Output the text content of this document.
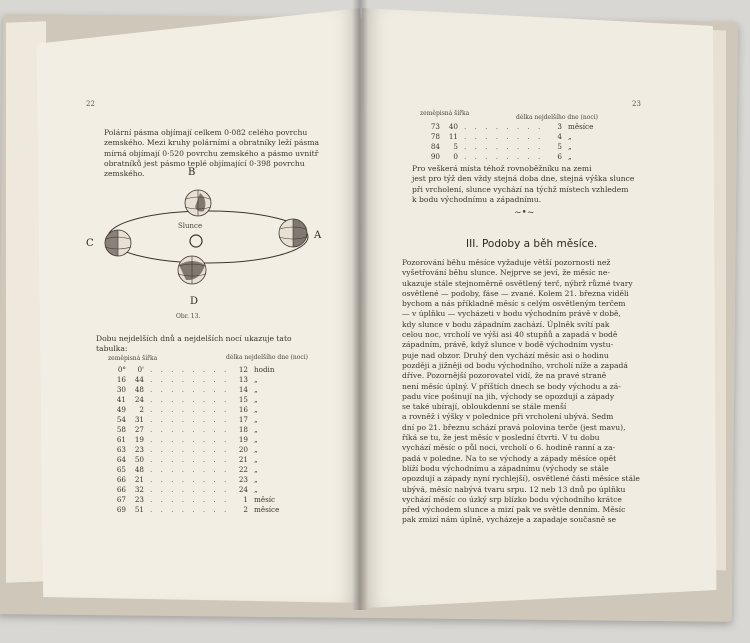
22
Polární pásma objímají celkem 0·082 celého povrchu
zemského. Mezi kruhy polárními a obratníky leží pásma
mírná objímají 0·520 povrchu zemského a pásmo uvnitř
obratníků jest pásmo teplé objímající 0·398 povrchu
zemského.	B
C
A
D
Slunce
Obr. 13.
Dobu nejdelších dnů a nejdelších nocí ukazuje tato
tabulka:
zeměpisná šířka	délka nejdelšího dne (noci)
0° 0' . . . . . . . . 12 hodin
16 44 . . . . . . . . 13 „
30 48 . . . . . . . . 14 „
41 24 . . . . . . . . 15 „
49 2 . . . . . . . . 16 „
54 31 . . . . . . . . 17 „
58 27 . . . . . . . . 18 „
61 19 . . . . . . . . 19 „
63 23 . . . . . . . . 20 „
64 50 . . . . . . . . 21 „
65 48 . . . . . . . . 22 „
66 21 . . . . . . . . 23 „
66 32 . . . . . . . . 24 „
67 23 . . . . . . . . 1 měsíc
69 51 . . . . . . . . 2 měsíce
23
zeměpisná šířka
délka nejdelšího dne (noci)
73 40 . . . . . . . . 3 měsíce
78 11 . . . . . . . . 4 „
84 5 . . . . . . . . 5 „
90 0 . . . . . . . . 6 „
Pro veškerá místa téhož rovnoběžníku na zemi
jest pro týž den vždy stejná doba dne, stejná výška slunce
při vrcholení, slunce vychází na týchž místech vzhledem
k bodu východnímu a západnímu.
~•~
III. Podoby a běh měsíce.
Pozorování běhu měsíce vyžaduje větší pozornosti než
vyšetřování běhu slunce. Nejprve se jeví, že měsíc ne-
ukazuje stále stejnoměrně osvětlený terč, nýbrž různé tvary
osvětlené — podoby, fáse — zvané. Kolem 21. března viděli
bychom a nás příkladně měsíc s celým osvětleným terčem
— v úplňku — vycházeti v bodu východním právě v době,
kdy slunce v bodu západním zachází. Úplněk svítí pak
celou noc, vrcholí ve výši asi 40 stupňů a zapadá v bodě
západním, právě, když slunce v bodě východním vystu-
puje nad obzor. Druhý den vychází měsíc asi o hodinu
později a jižněji od bodu východního, vrcholí níže a zapadá
dříve. Pozornější pozorovatel vidí, že na pravé straně
není měsíc úplný. V příštích dnech se body východu a zá-
padu více pošinují na jih, východy se opozdují a západy
se také ubírají, obloukdenní se stále menší
a rovněž i výšky v polednice při vrcholení ubývá. Sedm
dní po 21. březnu schází pravá polovina terče (jest mavu),
říká se tu, že jest měsíc v poslední čtvrti. V tu dobu
vychází měsíc o půl noci, vrcholí o 6. hodině ranní a za-
padá v poledne. Na to se východy a západy měsíce opět
blíží bodu východnímu a západnímu (východy se stále
opozdují a západy nyní rychlejší), osvětlené části měsíce stále
ubývá, měsíc nabývá tvaru srpu. 12 neb 13 dnů po úplňku
vychází měsíc co úzký srp blízko bodu východního krátce
před východem slunce a mizí pak ve světle denním. Měsíc
pak zmizí nám úplně, vycházeje a zapadaje současně se
